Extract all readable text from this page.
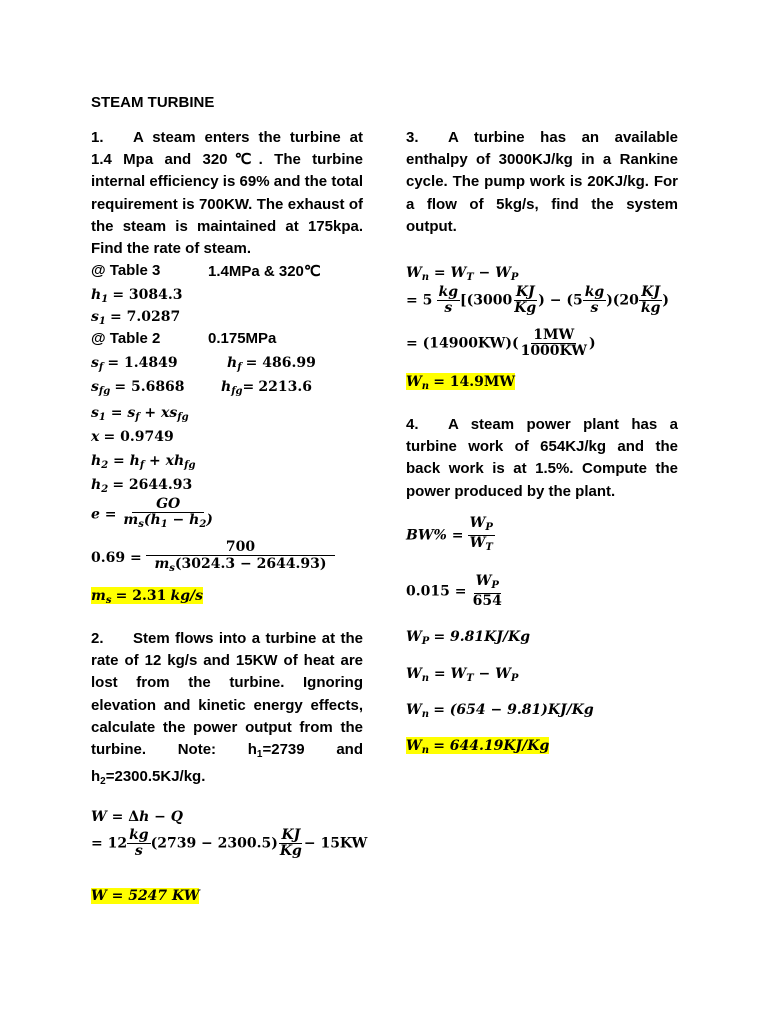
STEAM TURBINE

1. A steam enters the turbine at 1.4 Mpa and 320℃. The turbine internal efficiency is 69% and the total requirement is 700KW. The exhaust of the steam is maintained at 175kpa. Find the rate of steam.

@ Table 3	1.4MPa & 320℃
$h_1 = 3084.3$
$s_1 = 7.0287$
@ Table 2	0.175MPa
$s_f = 1.4849$	$h_f = 486.99$
$s_{fg} = 5.6868$	$h_{fg}= 2213.6$
$s_1 = s_f + xs_{fg}$
x = 0.9749
$h_2 = h_f + xh_{fg}$
$h_2 = 2644.93$
$e = \frac{GO}{m_s(h_1 - h_2)}$
$0.69 = \frac{700}{m_s(3024.3 - 2644.93)}$
$m_s = 2.31$ kg/s

2. Stem flows into a turbine at the rate of 12 kg/s and 15KW of heat are lost from the turbine. Ignoring elevation and kinetic energy effects, calculate the power output from the turbine. Note: $h_1=2739$ and $h_2=2300.5KJ/kg$.

W = Δh − Q
= $12 \frac{kg}{s} (2739 - 2300.5) \frac{KJ}{Kg} - 15KW$
W = 5247 KW

3. A turbine has an available enthalpy of 3000KJ/kg in a Rankine cycle. The pump work is 20KJ/kg. For a flow of 5kg/s, find the system output.

$W_n = W_T - W_P$
= $5 \frac{kg}{s} [(3000 \frac{KJ}{Kg}$ ) − $(5 \frac{kg}{s} )(20 \frac{KJ}{kg}$ )
= $(14900KW)( \frac{1MW}{1000KW}$ )
$W_n = 14.9MW$

4. A steam power plant has a turbine work of 654KJ/kg and the back work is at 1.5%. Compute the power produced by the plant.

$BW\% = \frac{W_P}{W_T}$
$0.015 = \frac{W_P}{654}$
$W_P = 9.81KJ/Kg$
$W_n = W_T - W_P$
$W_n = (654 - 9.81)KJ/Kg$
$W_n = 644.19KJ/Kg$
